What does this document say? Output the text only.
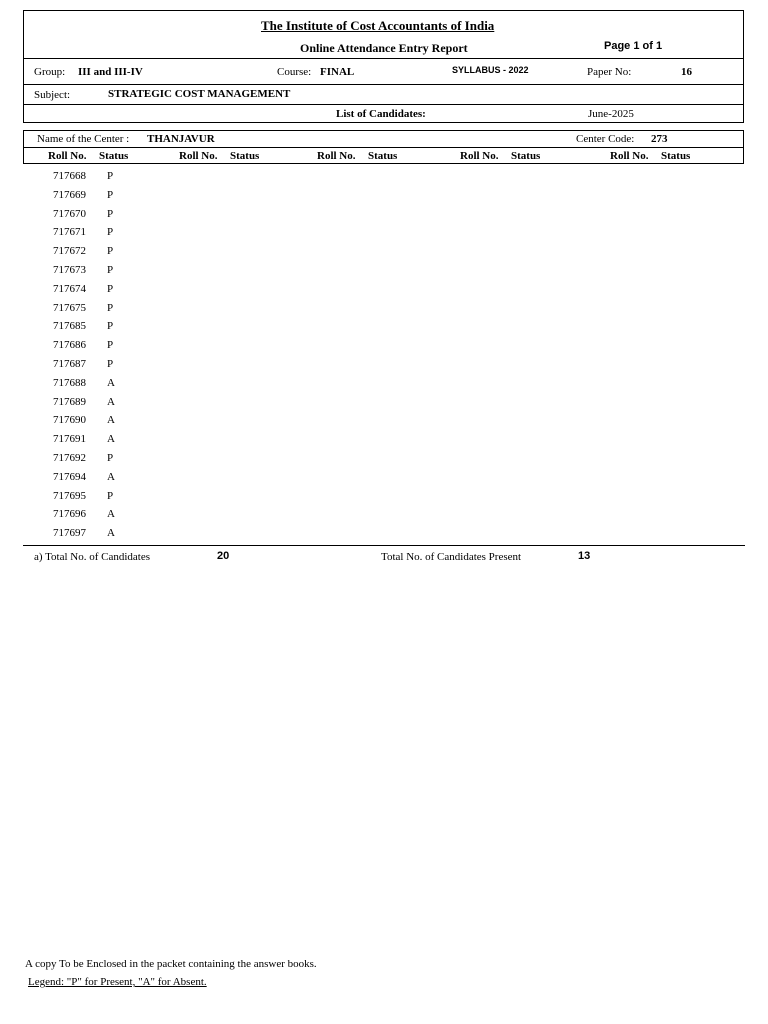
The Institute of Cost Accountants of India
Online Attendance Entry Report	Page 1 of 1
Group: III and III-IV	Course: FINAL	SYLLABUS - 2022	Paper No:	16
Subject:	STRATEGIC COST MANAGEMENT
List of Candidates:	June-2025
Name of the Center : THANJAVUR	Center Code: 273
Roll No. Status	Roll No. Status	Roll No. Status	Roll No. Status	Roll No. Status
717668 P
717669 P
717670 P
717671 P
717672 P
717673 P
717674 P
717675 P
717685 P
717686 P
717687 P
717688 A
717689 A
717690 A
717691 A
717692 P
717694 A
717695 P
717696 A
717697 A
a) Total No. of Candidates	20	Total No. of Candidates Present	13
A copy To be Enclosed in the packet containing the answer books.
Legend: "P" for Present, "A" for Absent.
